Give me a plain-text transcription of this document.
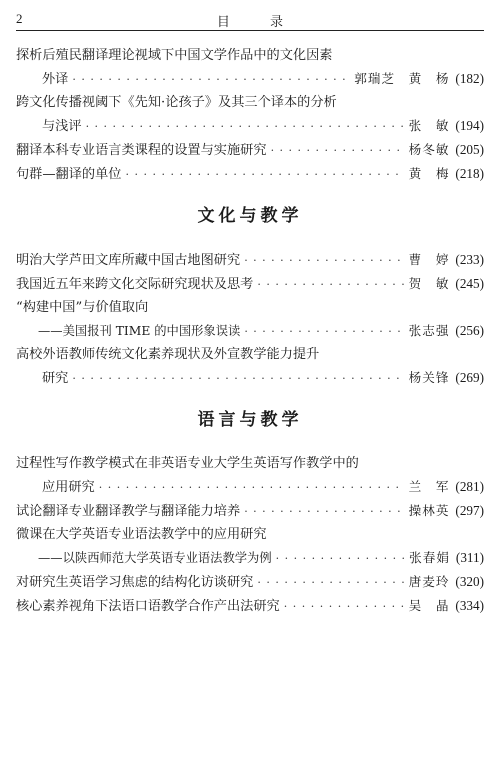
2	目 录
探析后殖民翻译理论视域下中国文学作品中的文化因素
外译 · · ·	郭瑞芝　黄　杨 (182)
跨文化传播视阈下《先知·论孩子》及其三个译本的分析
与浅评 · · ·	张　敏 (194)
翻译本科专业语言类课程的设置与实施研究 · · ·	杨冬敏 (205)
句群—翻译的单位 · · ·	黄　梅 (218)
文化与教学
明治大学芦田文库所藏中国古地图研究 · · ·	曹　婷 (233)
我国近五年来跨文化交际研究现状及思考 · · ·	贺　敏 (245)
“构建中国”与价值取向
——美国报刊 TIME 的中国形象误读 · · ·	张志强 (256)
高校外语教师传统文化素养现状及外宣教学能力提升
研究 · · ·	杨关锋 (269)
语言与教学
过程性写作教学模式在非英语专业大学生英语写作教学中的
应用研究 · · ·	兰　军 (281)
试论翻译专业翻译教学与翻译能力培养 · · ·	操林英 (297)
微课在大学英语专业语法教学中的应用研究
——以陕西师范大学英语专业语法教学为例 · · ·	张春娟 (311)
对研究生英语学习焦虑的结构化访谈研究 · · ·	唐麦玲 (320)
核心素养视角下法语口语教学合作产出法研究 · · ·	吴　晶 (334)
